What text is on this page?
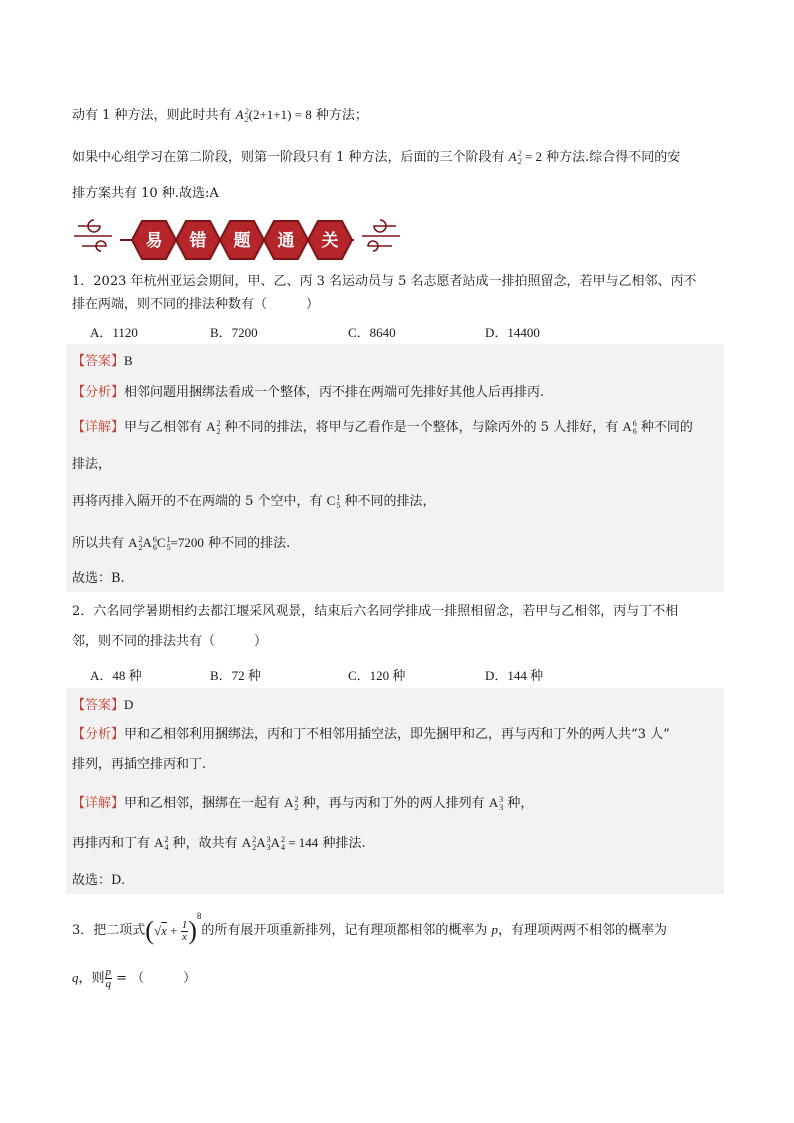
动有 1 种方法，则此时共有 A 2
2 (2+1+1) = 8 种方法；
如果中心组学习在第二阶段，则第一阶段只有 1 种方法，后面的三个阶段有 A 2
2 = 2 种方法.综合得不同的安
排方案共有 10 种.故选:A
易 错 题 通 关
1．2023 年杭州亚运会期间，甲、乙、丙 3 名运动员与 5 名志愿者站成一排拍照留念，若甲与乙相邻、丙不
排在两端，则不同的排法种数有（　　　）
A．1120	B．7200	C．8640	D．14400
【答案】B
【分析】相邻问题用捆绑法看成一个整体，丙不排在两端可先排好其他人后再排丙.
【详解】甲与乙相邻有 A 2
2 种不同的排法，将甲与乙看作是一个整体，与除丙外的 5 人排好，有 A 6
6 种不同的
排法，
再将丙排入隔开的不在两端的 5 个空中，有 C 1
5 种不同的排法，
所以共有 A 2
2 A 6
6 C 1
5 =7200 种不同的排法.
故选：B.
2．六名同学暑期相约去都江堰采风观景，结束后六名同学排成一排照相留念，若甲与乙相邻，丙与丁不相
邻，则不同的排法共有（　　　）
A．48 种	B．72 种	C．120 种	D．144 种
【答案】D
【分析】甲和乙相邻利用捆绑法，丙和丁不相邻用插空法，即先捆甲和乙，再与丙和丁外的两人共“3 人”
排列，再插空排丙和丁.
【详解】甲和乙相邻，捆绑在一起有 A 2
2 种，再与丙和丁外的两人排列有 A 3
3 种，
再排丙和丁有 A 2
4 种，故共有 A 2
2 A 3
3 A 2
4 = 144 种排法.
故选：D.
3．把二项式$(√x + \frac{1}{x} )^8$的所有展开项重新排列，记有理项都相邻的概率为 p，有理项两两不相邻的概率为
q，则 $\frac{p}{q}$ = （　　　）
